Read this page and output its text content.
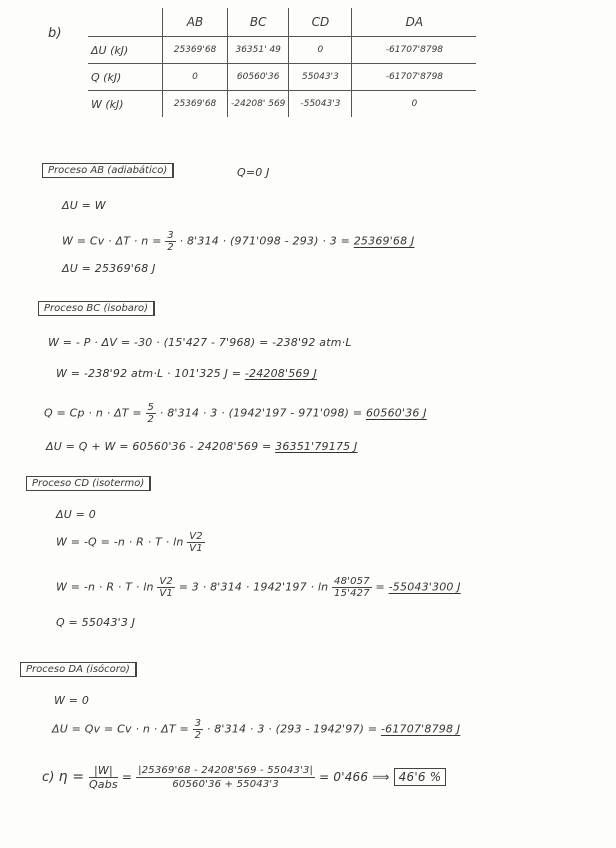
b)
	AB	BC	CD	DA
ΔU (kJ)	25369'68	36351' 49	0	-61707'8798
Q (kJ)	0	60560'36	55043'3	-61707'8798
W (kJ)	25369'68	-24208' 569	-55043'3	0
Proceso AB (adiabático)	Q=0 J
ΔU = W
$W = Cv \cdot \Delta T \cdot n = \frac{3}{2} \cdot 8'314 \cdot (971'098 - 293) \cdot 3 = 25369'68$ J
ΔU = 25369'68 J
Proceso BC (isobaro)
W = - P · ΔV = -30 · (15'427 - 7'968) = -238'92 atm·L
W = -238'92 atm·L · 101'325 J = -24208'569 J
$Q = Cp \cdot n \cdot \Delta T = \frac{5}{2} \cdot 8'314 \cdot 3 \cdot (1942'197 - 971'098) = 60560'36$ J
ΔU = Q + W = 60560'36 - 24208'569 = 36351'79175 J
Proceso CD (isotermo)
ΔU = 0
$W = -Q = -n \cdot R \cdot T \cdot \ln \frac{V2}{V1}$
$W = -n \cdot R \cdot T \cdot \ln \frac{V2}{V1} = 3 \cdot 8'314 \cdot 1942'197 \cdot \ln \frac{48'057}{15'427} = -55043'300$ J
Q = 55043'3 J
Proceso DA (isócoro)
W = 0
$\Delta U = Qv = Cv \cdot n \cdot \Delta T = \frac{3}{2} \cdot 8'314 \cdot 3 \cdot (293 - 1942'97) = -61707'8798$ J
c) $\eta = \frac{|W|}{\text{Qabs}} = \frac{|25369'68 - 24208'569 - 55043'3|}{60560'36 + 55043'3} = 0'466$ ⟹ 46'6 %
